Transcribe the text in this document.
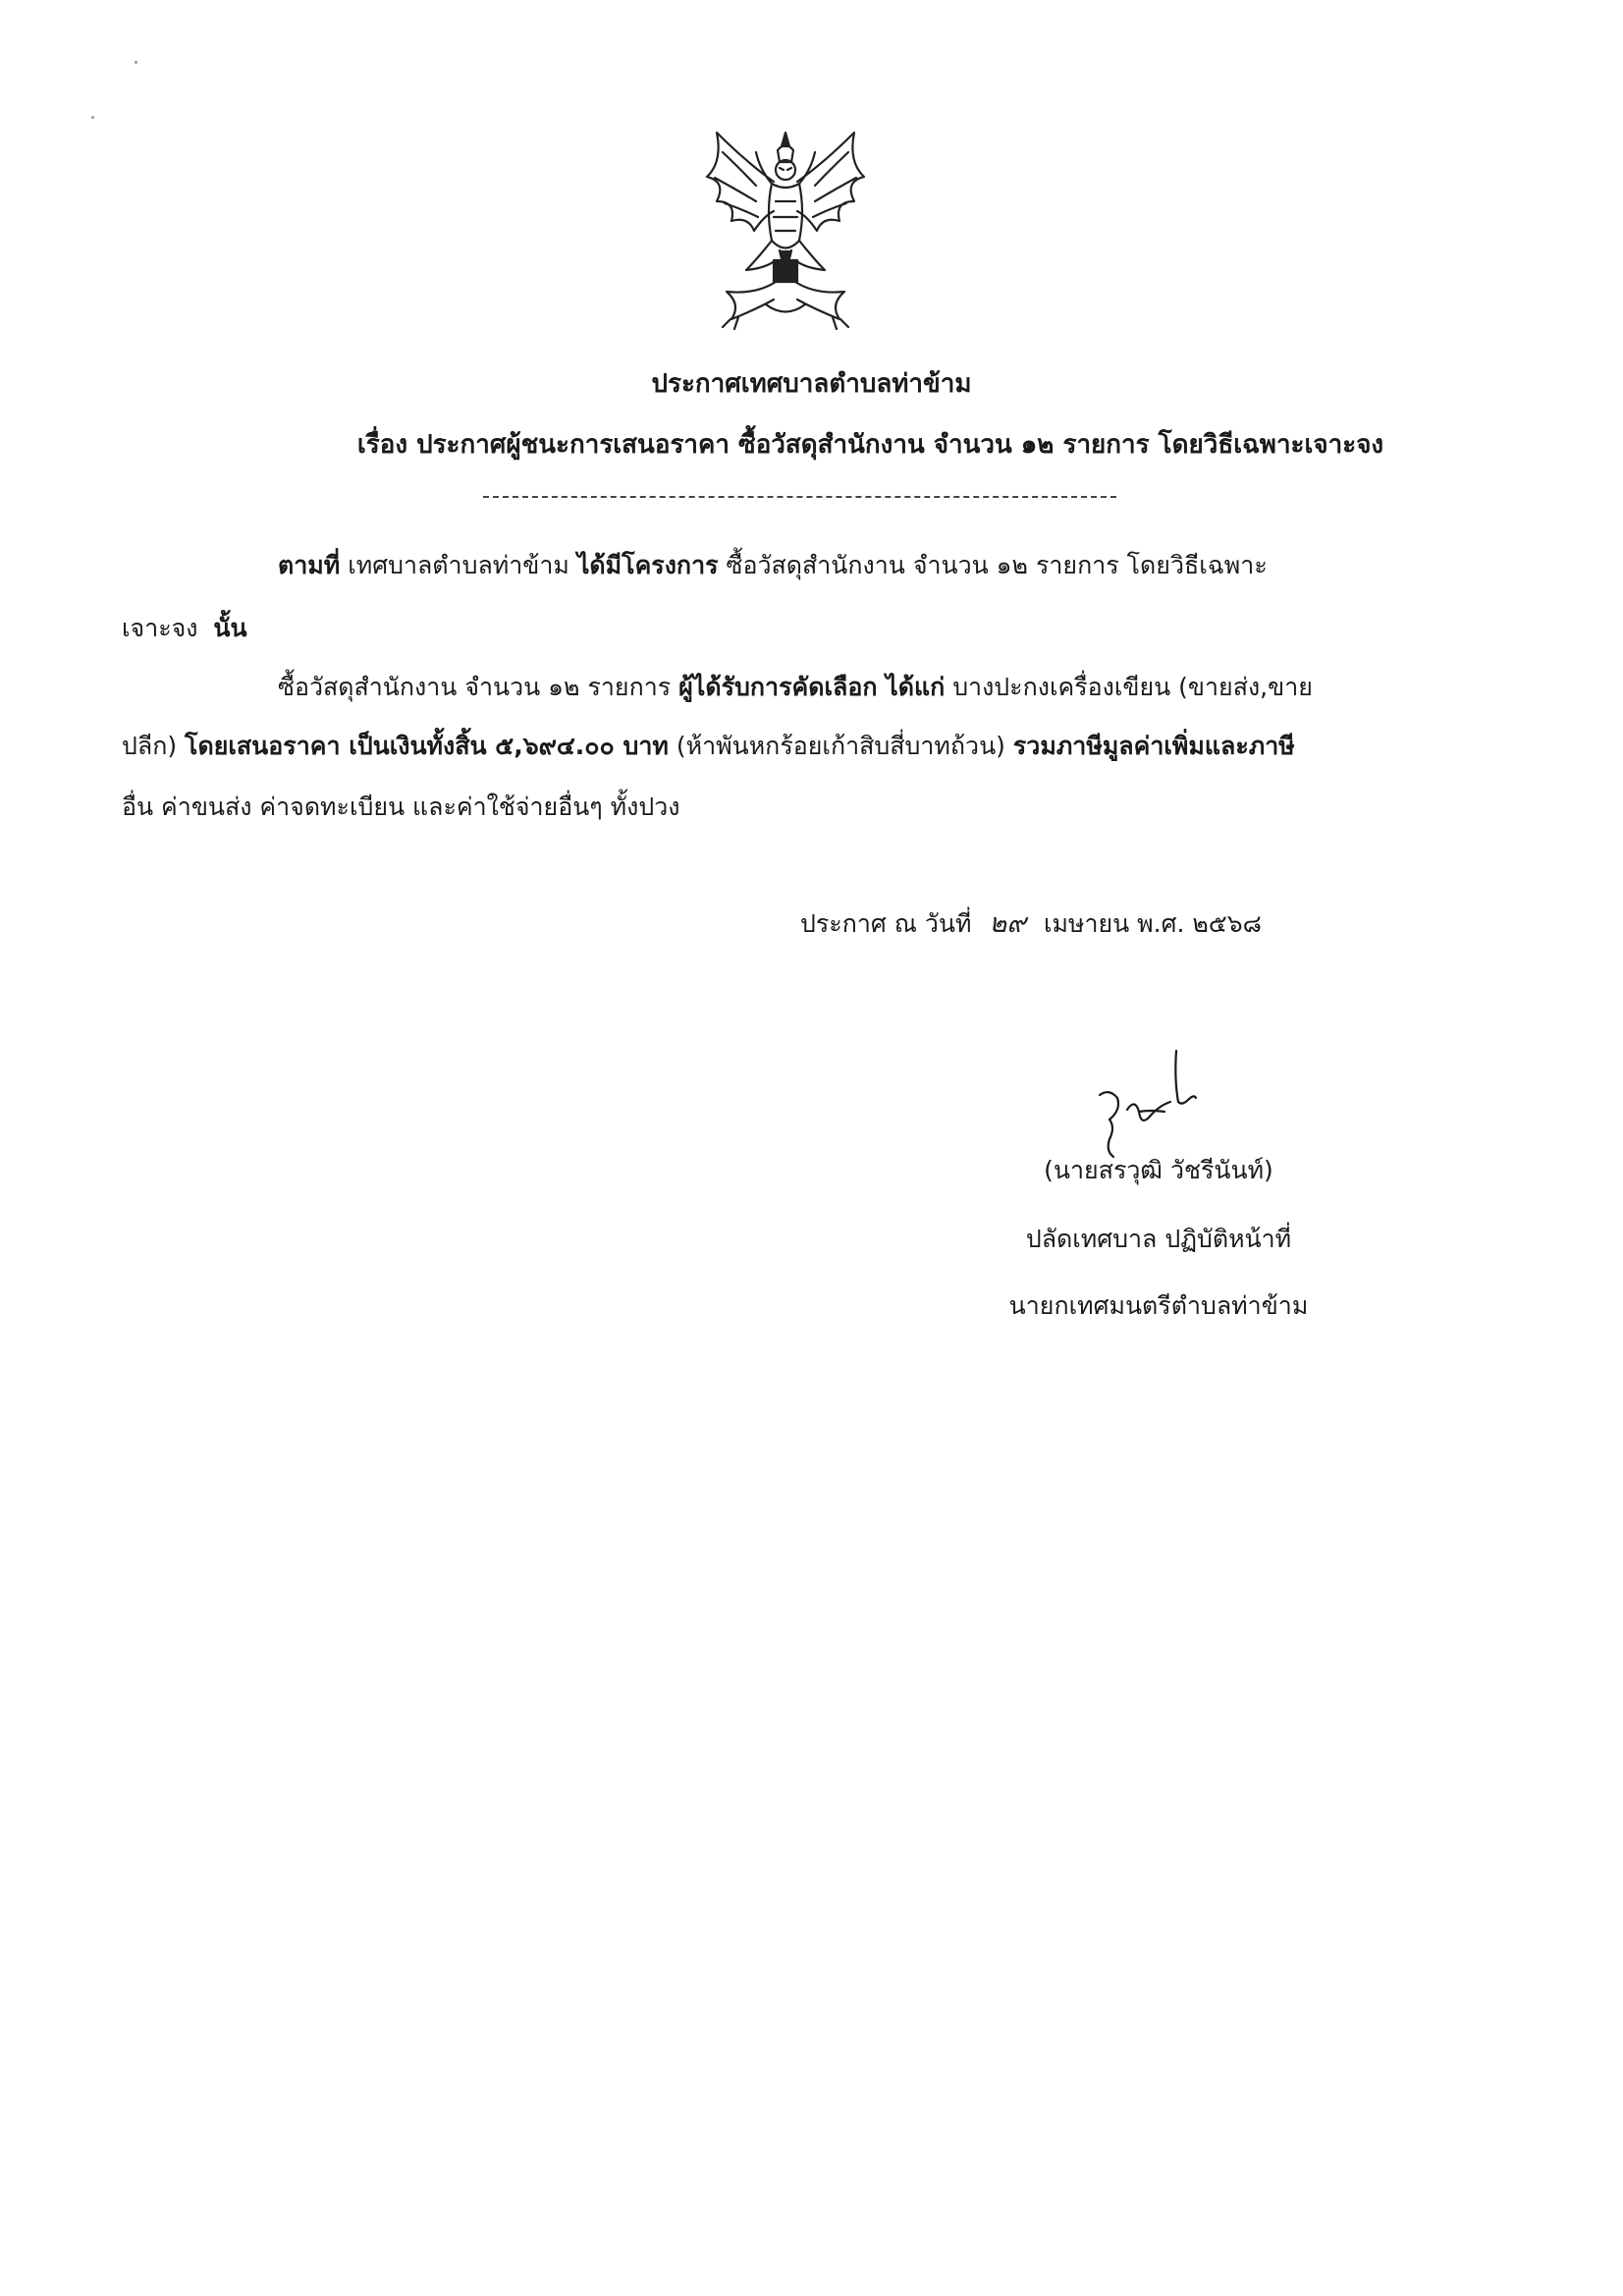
ประกาศเทศบาลตำบลท่าข้าม
เรื่อง ประกาศผู้ชนะการเสนอราคา ซื้อวัสดุสำนักงาน จำนวน ๑๒ รายการ โดยวิธีเฉพาะเจาะจง
ตามที่ เทศบาลตำบลท่าข้าม ได้มีโครงการ ซื้อวัสดุสำนักงาน จำนวน ๑๒ รายการ โดยวิธีเฉพาะ
เจาะจง นั้น
ซื้อวัสดุสำนักงาน จำนวน ๑๒ รายการ ผู้ได้รับการคัดเลือก ได้แก่ บางปะกงเครื่องเขียน (ขายส่ง,ขาย
ปลีก) โดยเสนอราคา เป็นเงินทั้งสิ้น ๕,๖๙๔.๐๐ บาท (ห้าพันหกร้อยเก้าสิบสี่บาทถ้วน) รวมภาษีมูลค่าเพิ่มและภาษี
อื่น ค่าขนส่ง ค่าจดทะเบียน และค่าใช้จ่ายอื่นๆ ทั้งปวง
ประกาศ ณ วันที่ ๒๙ เมษายน พ.ศ. ๒๕๖๘
(นายสรวุฒิ วัชรีนันท์)
ปลัดเทศบาล ปฏิบัติหน้าที่
นายกเทศมนตรีตำบลท่าข้าม
